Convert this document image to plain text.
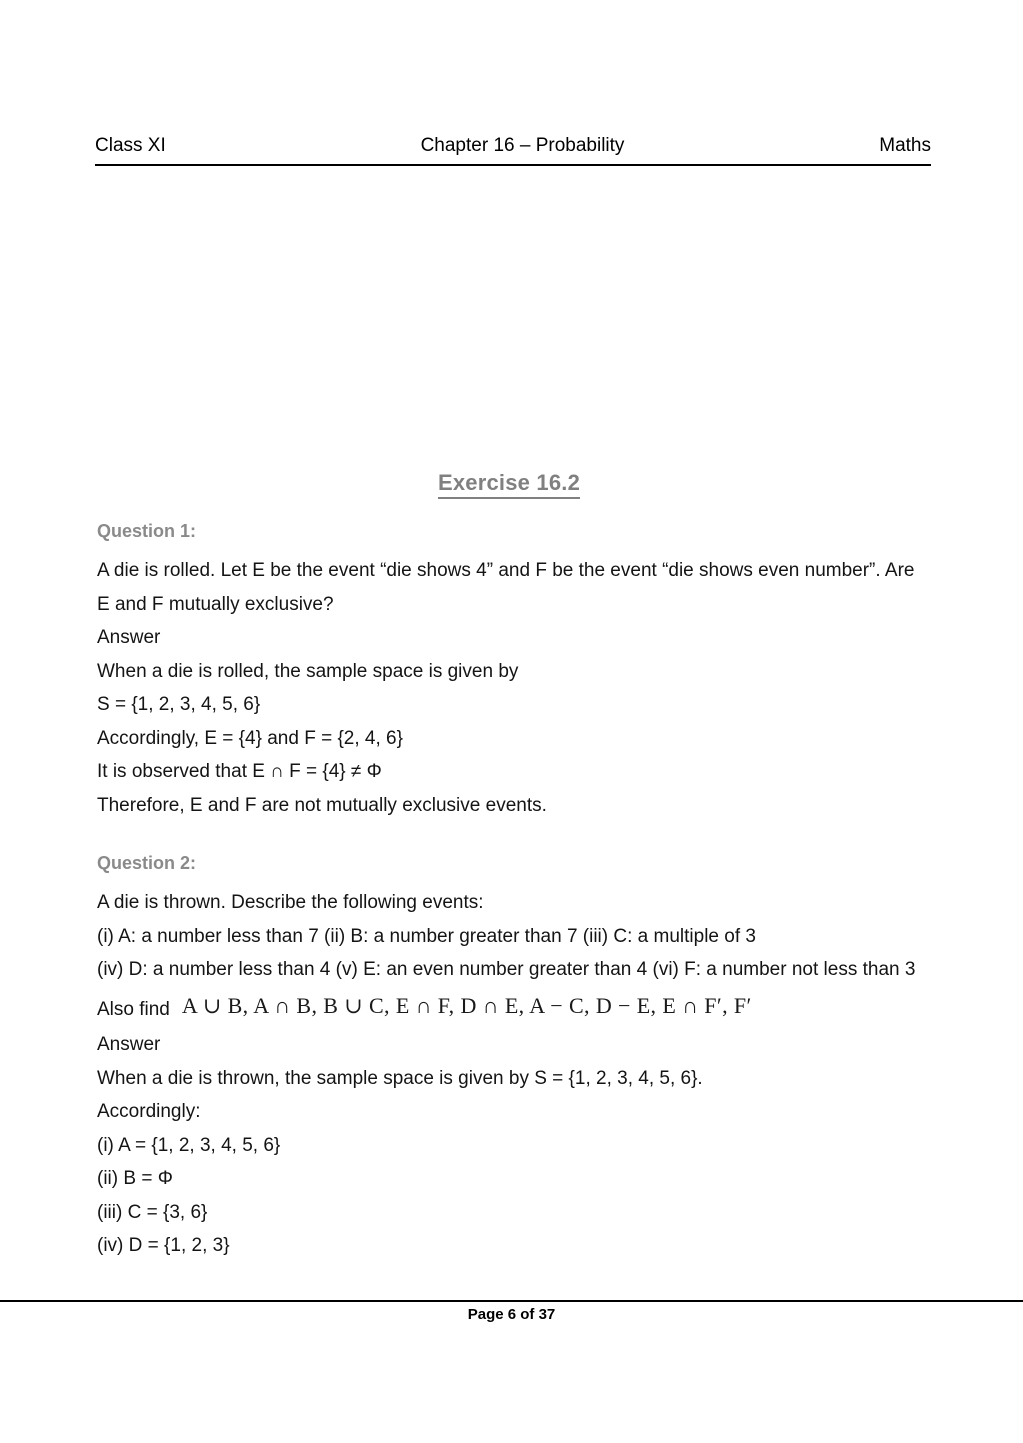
Class XI	Chapter 16 – Probability	Maths
Exercise 16.2
Question 1:

A die is rolled. Let E be the event “die shows 4” and F be the event “die shows even number”. Are E and F mutually exclusive?

Answer

When a die is rolled, the sample space is given by

S = {1, 2, 3, 4, 5, 6}

Accordingly, E = {4} and F = {2, 4, 6}

It is observed that E ∩ F = {4} ≠ Φ

Therefore, E and F are not mutually exclusive events.

Question 2:

A die is thrown. Describe the following events:

(i) A: a number less than 7 (ii) B: a number greater than 7 (iii) C: a multiple of 3

(iv) D: a number less than 4 (v) E: an even number greater than 4 (vi) F: a number not less than 3

Also find A ∪ B, A ∩ B, B ∪ C, E ∩ F, D ∩ E, A − C, D − E, E ∩ F′, F′

Answer

When a die is thrown, the sample space is given by S = {1, 2, 3, 4, 5, 6}.

Accordingly:

(i) A = {1, 2, 3, 4, 5, 6}

(ii) B = Φ

(iii) C = {3, 6}

(iv) D = {1, 2, 3}

Page 6 of 37
